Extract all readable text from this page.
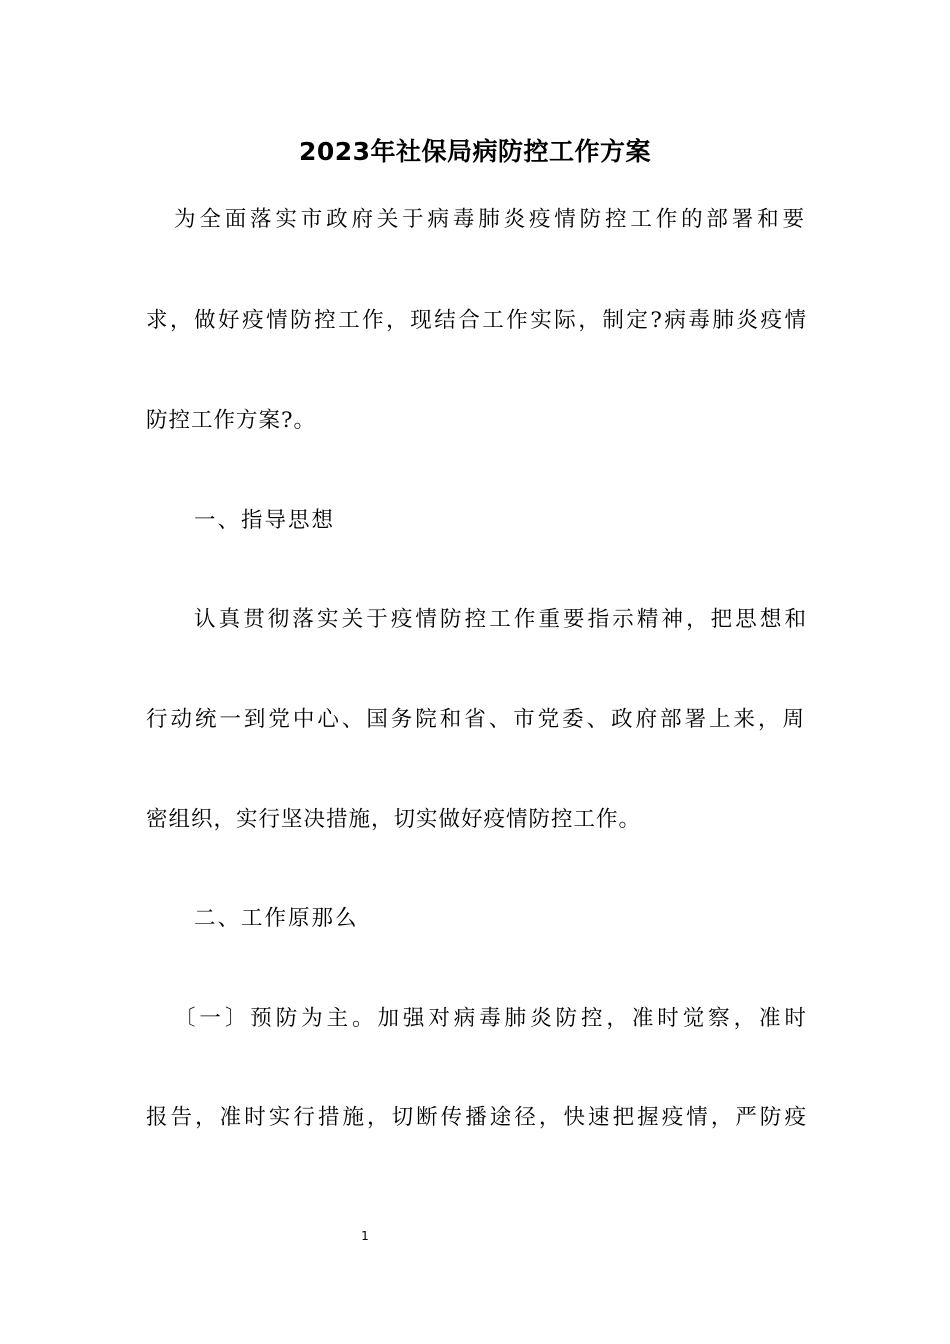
2023年社保局病防控工作方案
为全面落实市政府关于病毒肺炎疫情防控工作的部署和要
求，做好疫情防控工作，现结合工作实际，制定?病毒肺炎疫情
防控工作方案?。
一、指导思想
认真贯彻落实关于疫情防控工作重要指示精神，把思想和
行动统一到党中心、国务院和省、市党委、政府部署上来，周
密组织，实行坚决措施，切实做好疫情防控工作。
二、工作原那么
〔一〕预防为主。加强对病毒肺炎防控，准时觉察，准时
报告，准时实行措施，切断传播途径，快速把握疫情，严防疫
1
